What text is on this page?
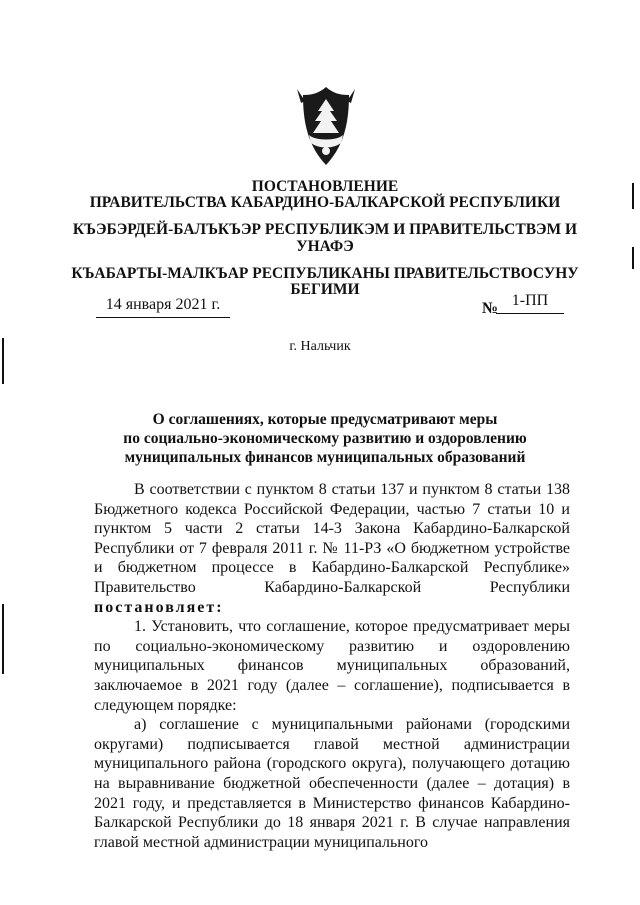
ПОСТАНОВЛЕНИЕ
ПРАВИТЕЛЬСТВА КАБАРДИНО-БАЛКАРСКОЙ РЕСПУБЛИКИ
КЪЭБЭРДЕЙ-БАЛЪКЪЭР РЕСПУБЛИКЭМ И ПРАВИТЕЛЬСТВЭМ И
УНАФЭ
КЪАБАРТЫ-МАЛКЪАР РЕСПУБЛИКАНЫ ПРАВИТЕЛЬСТВОСУНУ
БЕГИМИ
14 января 2021 г.	№ 1-ПП
г. Нальчик
О соглашениях, которые предусматривают меры
по социально-экономическому развитию и оздоровлению
муниципальных финансов муниципальных образований

В соответствии с пунктом 8 статьи 137 и пунктом 8 статьи 138 Бюджетного кодекса Российской Федерации, частью 7 статьи 10 и пунктом 5 части 2 статьи 14-3 Закона Кабардино-Балкарской Республики от 7 февраля 2011 г. № 11-РЗ «О бюджетном устройстве и бюджетном процессе в Кабардино-Балкарской Республике» Правительство Кабардино-Балкарской Республики постановляет:

1. Установить, что соглашение, которое предусматривает меры по социально-экономическому развитию и оздоровлению муниципальных финансов муниципальных образований, заключаемое в 2021 году (далее – соглашение), подписывается в следующем порядке:

а) соглашение с муниципальными районами (городскими округами) подписывается главой местной администрации муниципального района (городского округа), получающего дотацию на выравнивание бюджетной обеспеченности (далее – дотация) в 2021 году, и представляется в Министерство финансов Кабардино-Балкарской Республики до 18 января 2021 г. В случае направления главой местной администрации муниципального
